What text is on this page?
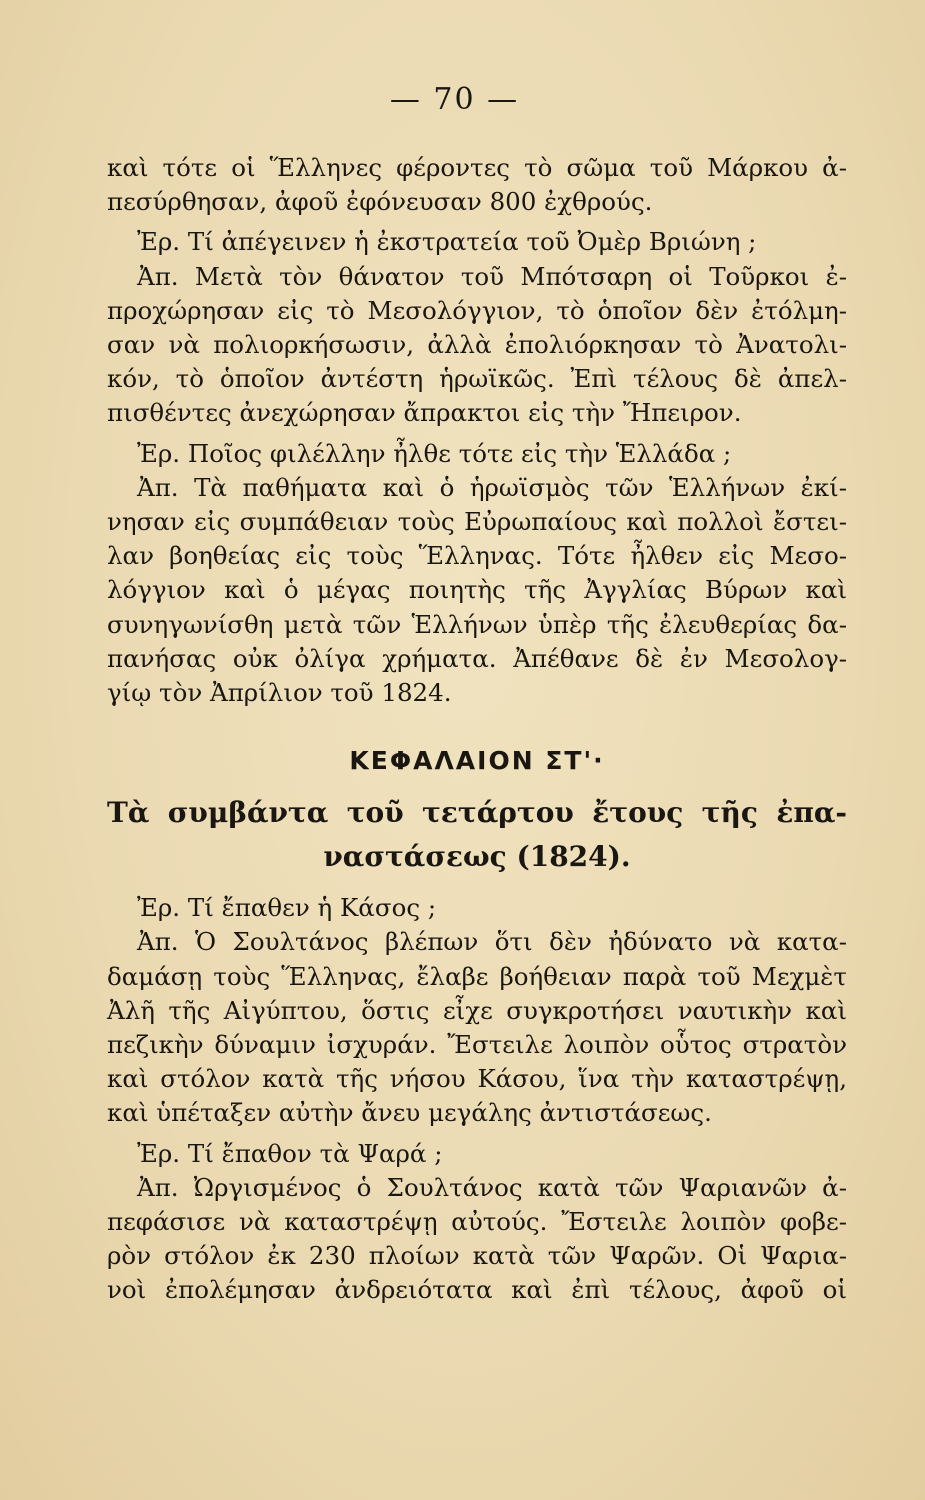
— 70 —
καὶ τότε οἱ Ἕλληνες φέροντες τὸ σῶμα τοῦ Μάρκου ἀ-
πεσύρθησαν, ἀφοῦ ἐφόνευσαν 800 ἐχθρούς.
Ἐρ. Τί ἀπέγεινεν ἡ ἐκστρατεία τοῦ Ὀμὲρ Βριώνη ;
Ἀπ. Μετὰ τὸν θάνατον τοῦ Μπότσαρη οἱ Τοῦρκοι ἐ-
προχώρησαν εἰς τὸ Μεσολόγγιον, τὸ ὁποῖον δὲν ἐτόλμη-
σαν νὰ πολιορκήσωσιν, ἀλλὰ ἐπολιόρκησαν τὸ Ἀνατολι-
κόν, τὸ ὁποῖον ἀντέστη ἡρωϊκῶς. Ἐπὶ τέλους δὲ ἀπελ-
πισθέντες ἀνεχώρησαν ἄπρακτοι εἰς τὴν Ἤπειρον.
Ἐρ. Ποῖος φιλέλλην ἦλθε τότε εἰς τὴν Ἑλλάδα ;
Ἀπ. Τὰ παθήματα καὶ ὁ ἡρωϊσμὸς τῶν Ἑλλήνων ἐκί-
νησαν εἰς συμπάθειαν τοὺς Εὐρωπαίους καὶ πολλοὶ ἔστει-
λαν βοηθείας εἰς τοὺς Ἕλληνας. Τότε ἦλθεν εἰς Μεσο-
λόγγιον καὶ ὁ μέγας ποιητὴς τῆς Ἀγγλίας Βύρων καὶ
συνηγωνίσθη μετὰ τῶν Ἑλλήνων ὑπὲρ τῆς ἐλευθερίας δα-
πανήσας οὐκ ὀλίγα χρήματα. Ἀπέθανε δὲ ἐν Μεσολογ-
γίῳ τὸν Ἀπρίλιον τοῦ 1824.
ΚΕΦΑΛΑΙΟΝ ΣΤ'·
Τὰ συμβάντα τοῦ τετάρτου ἔτους τῆς ἐπα-
ναστάσεως (1824).
Ἐρ. Τί ἔπαθεν ἡ Κάσος ;
Ἀπ. Ὁ Σουλτάνος βλέπων ὅτι δὲν ἠδύνατο νὰ κατα-
δαμάσῃ τοὺς Ἕλληνας, ἔλαβε βοήθειαν παρὰ τοῦ Μεχμὲτ
Ἀλῆ τῆς Αἰγύπτου, ὅστις εἶχε συγκροτήσει ναυτικὴν καὶ
πεζικὴν δύναμιν ἰσχυράν. Ἔστειλε λοιπὸν οὗτος στρατὸν
καὶ στόλον κατὰ τῆς νήσου Κάσου, ἵνα τὴν καταστρέψῃ,
καὶ ὑπέταξεν αὐτὴν ἄνευ μεγάλης ἀντιστάσεως.
Ἐρ. Τί ἔπαθον τὰ Ψαρά ;
Ἀπ. Ὠργισμένος ὁ Σουλτάνος κατὰ τῶν Ψαριανῶν ἀ-
πεφάσισε νὰ καταστρέψῃ αὐτούς. Ἔστειλε λοιπὸν φοβε-
ρὸν στόλον ἐκ 230 πλοίων κατὰ τῶν Ψαρῶν. Οἱ Ψαρια-
νοὶ ἐπολέμησαν ἀνδρειότατα καὶ ἐπὶ τέλους, ἀφοῦ οἱ
